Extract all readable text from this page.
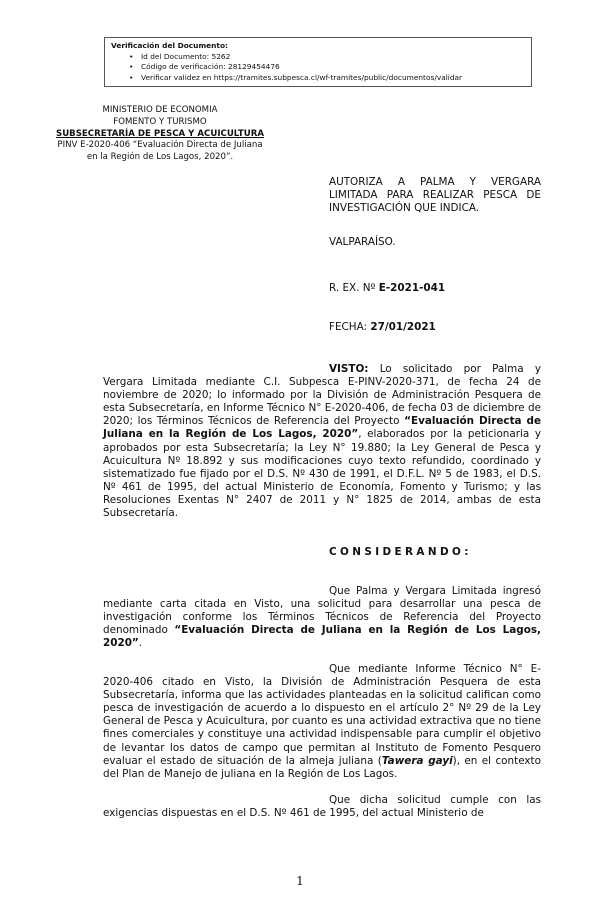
Verificación del Documento:
• Id del Documento: 5262
• Código de verificación: 28129454476
• Verificar validez en https://tramites.subpesca.cl/wf-tramites/public/documentos/validar
MINISTERIO DE ECONOMIA
FOMENTO Y TURISMO
SUBSECRETARÍA DE PESCA Y ACUICULTURA
PINV E-2020-406 “Evaluación Directa de Juliana
en la Región de Los Lagos, 2020”.

AUTORIZA A PALMA Y VERGARA

LIMITADA PARA REALIZAR PESCA DE

INVESTIGACIÓN QUE INDICA.

VALPARAÍSO.
R. EX. Nº E-2021-041
FECHA: 27/01/2021

VISTO: Lo solicitado por Palma y Vergara Limitada mediante C.I. Subpesca E-PINV-2020-371, de fecha 24 de noviembre de 2020; lo informado por la División de Administración Pesquera de esta Subsecretaría, en Informe Técnico N° E-2020-406, de fecha 03 de diciembre de 2020; los Términos Técnicos de Referencia del Proyecto “Evaluación Directa de Juliana en la Región de Los Lagos, 2020”, elaborados por la peticionaria y aprobados por esta Subsecretaría; la Ley N° 19.880; la Ley General de Pesca y Acuicultura Nº 18.892 y sus modificaciones cuyo texto refundido, coordinado y sistematizado fue fijado por el D.S. Nº 430 de 1991, el D.F.L. Nº 5 de 1983, el D.S. Nº 461 de 1995, del actual Ministerio de Economía, Fomento y Turismo; y las Resoluciones Exentas N° 2407 de 2011 y N° 1825 de 2014, ambas de esta Subsecretaría.

CONSIDERANDO:

Que Palma y Vergara Limitada ingresó mediante carta citada en Visto, una solicitud para desarrollar una pesca de investigación conforme los Términos Técnicos de Referencia del Proyecto denominado “Evaluación Directa de Juliana en la Región de Los Lagos, 2020”.

Que mediante Informe Técnico N° E-2020-406 citado en Visto, la División de Administración Pesquera de esta Subsecretaría, informa que las actividades planteadas en la solicitud califican como pesca de investigación de acuerdo a lo dispuesto en el artículo 2° Nº 29 de la Ley General de Pesca y Acuicultura, por cuanto es una actividad extractiva que no tiene fines comerciales y constituye una actividad indispensable para cumplir el objetivo de levantar los datos de campo que permitan al Instituto de Fomento Pesquero evaluar el estado de situación de la almeja juliana (Tawera gayi), en el contexto del Plan de Manejo de juliana en la Región de Los Lagos.

Que dicha solicitud cumple con las exigencias dispuestas en el D.S. Nº 461 de 1995, del actual Ministerio de

1
